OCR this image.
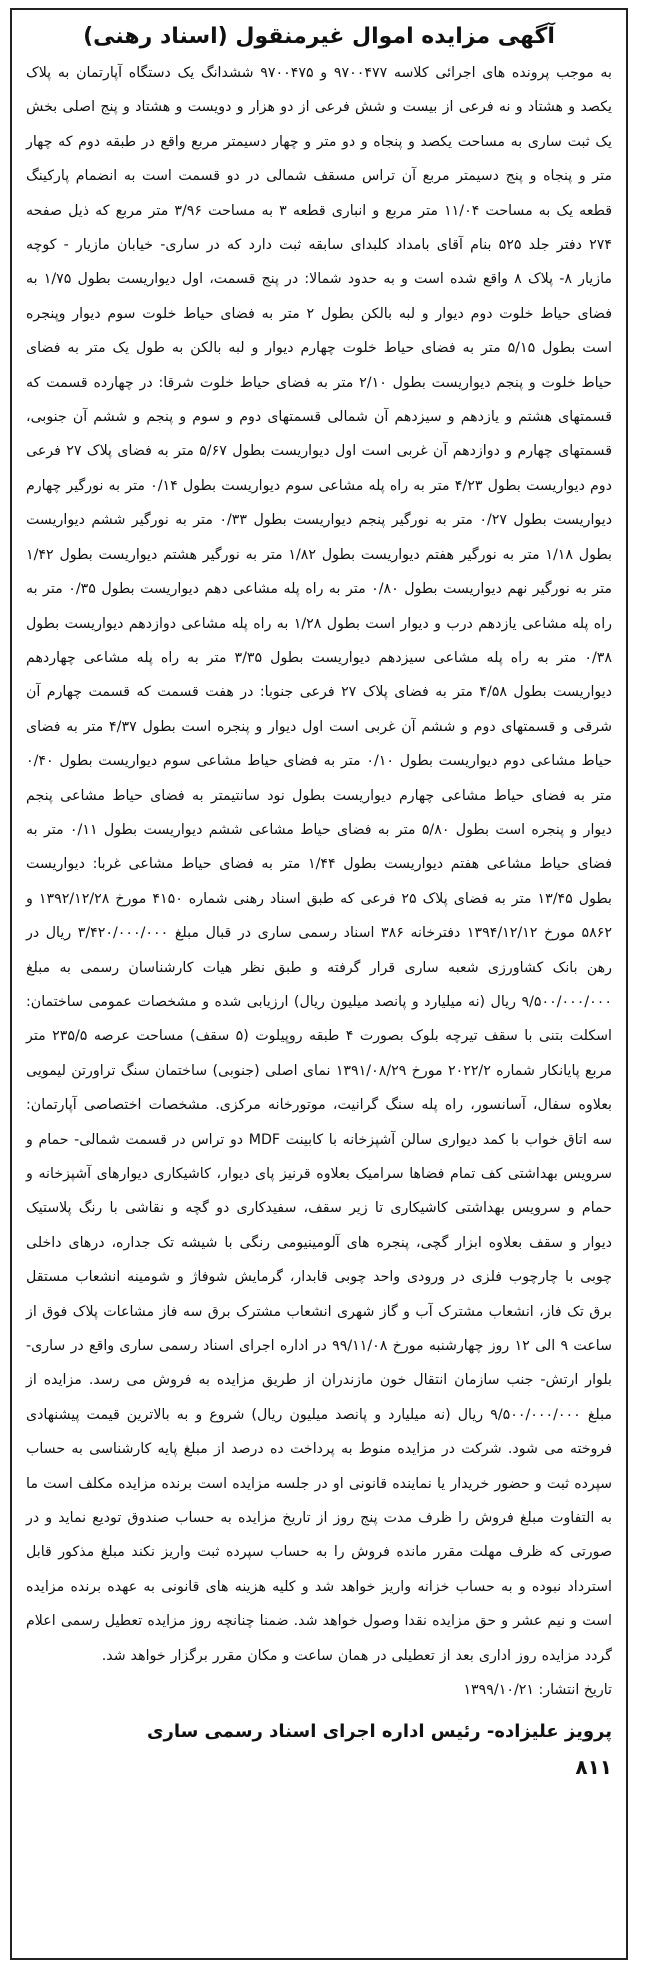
آگهی مزایده اموال غیرمنقول (اسناد رهنی)
به موجب پرونده های اجرائی کلاسه ۹۷۰۰۴۷۷ و ۹۷۰۰۴۷۵ ششدانگ یک دستگاه آپارتمان به پلاک یکصد و هشتاد و نه فرعی از بیست و شش فرعی از دو هزار و دویست و هشتاد و پنج اصلی بخش یک ثبت ساری به مساحت یکصد و پنجاه و دو متر و چهار دسیمتر مربع واقع در طبقه دوم که چهار متر و پنجاه و پنج دسیمتر مربع آن تراس مسقف شمالی در دو قسمت است به انضمام پارکینگ قطعه یک به مساحت ۱۱/۰۴ متر مربع و انباری قطعه ۳ به مساحت ۳/۹۶ متر مربع که ذیل صفحه ۲۷۴ دفتر جلد ۵۲۵ بنام آقای بامداد کلبدای سابقه ثبت دارد که در ساری- خیابان مازیار - کوچه مازیار ۸- پلاک ۸ واقع شده است و به حدود شمالا: در پنج قسمت، اول دیواریست بطول ۱/۷۵ به فضای حیاط خلوت دوم دیوار و لبه بالکن بطول ۲ متر به فضای حیاط خلوت سوم دیوار وپنجره است بطول ۵/۱۵ متر به فضای حیاط خلوت چهارم دیوار و لبه بالکن به طول یک متر به فضای حیاط خلوت و پنجم دیواریست بطول ۲/۱۰ متر به فضای حیاط خلوت شرقا: در چهارده قسمت که قسمتهای هشتم و یازدهم و سیزدهم آن شمالی قسمتهای دوم و سوم و پنجم و ششم آن جنوبی، قسمتهای چهارم و دوازدهم آن غربی است اول دیواریست بطول ۵/۶۷ متر به فضای پلاک ۲۷ فرعی دوم دیواریست بطول ۴/۲۳ متر به راه پله مشاعی سوم دیواریست بطول ۰/۱۴ متر به نورگیر چهارم دیواریست بطول ۰/۲۷ متر به نورگیر پنجم دیواریست بطول ۰/۳۳ متر به نورگیر ششم دیواریست بطول ۱/۱۸ متر به نورگیر هفتم دیواریست بطول ۱/۸۲ متر به نورگیر هشتم دیواریست بطول ۱/۴۲ متر به نورگیر نهم دیواریست بطول ۰/۸۰ متر به راه پله مشاعی دهم دیواریست بطول ۰/۳۵ متر به راه پله مشاعی یازدهم درب و دیوار است بطول ۱/۲۸ به راه پله مشاعی دوازدهم دیواریست بطول ۰/۳۸ متر به راه پله مشاعی سیزدهم دیواریست بطول ۳/۳۵ متر به راه پله مشاعی چهاردهم دیواریست بطول ۴/۵۸ متر به فضای پلاک ۲۷ فرعی جنوبا: در هفت قسمت که قسمت چهارم آن شرقی و قسمتهای دوم و ششم آن غربی است اول دیوار و پنجره است بطول ۴/۳۷ متر به فضای حیاط مشاعی دوم دیواریست بطول ۰/۱۰ متر به فضای حیاط مشاعی سوم دیواریست بطول ۰/۴۰ متر به فضای حیاط مشاعی چهارم دیواریست بطول نود سانتیمتر به فضای حیاط مشاعی پنجم دیوار و پنجره است بطول ۵/۸۰ متر به فضای حیاط مشاعی ششم دیواریست بطول ۰/۱۱ متر به فضای حیاط مشاعی هفتم دیواریست بطول ۱/۴۴ متر به فضای حیاط مشاعی غربا: دیواریست بطول ۱۳/۴۵ متر به فضای پلاک ۲۵ فرعی که طبق اسناد رهنی شماره ۴۱۵۰ مورخ ۱۳۹۲/۱۲/۲۸ و ۵۸۶۲ مورخ ۱۳۹۴/۱۲/۱۲ دفترخانه ۳۸۶ اسناد رسمی ساری در قبال مبلغ ۳/۴۲۰/۰۰۰/۰۰۰ ریال در رهن بانک کشاورزی شعبه ساری قرار گرفته و طبق نظر هیات کارشناسان رسمی به مبلغ ۹/۵۰۰/۰۰۰/۰۰۰ ریال (نه میلیارد و پانصد میلیون ریال) ارزیابی شده و مشخصات عمومی ساختمان: اسکلت بتنی با سقف تیرچه بلوک بصورت ۴ طبقه روپیلوت (۵ سقف) مساحت عرصه ۲۳۵/۵ متر مربع پایانکار شماره ۲۰۲۲/۲ مورخ ۱۳۹۱/۰۸/۲۹ نمای اصلی (جنوبی) ساختمان سنگ تراورتن لیمویی بعلاوه سفال، آسانسور، راه پله سنگ گرانیت، موتورخانه مرکزی. مشخصات اختصاصی آپارتمان: سه اتاق خواب با کمد دیواری سالن آشپزخانه با کابینت MDF دو تراس در قسمت شمالی- حمام و سرویس بهداشتی کف تمام فضاها سرامیک بعلاوه قرنیز پای دیوار، کاشیکاری دیوارهای آشپزخانه و حمام و سرویس بهداشتی کاشیکاری تا زیر سقف، سفیدکاری دو گچه و نقاشی با رنگ پلاستیک دیوار و سقف بعلاوه ابزار گچی، پنجره های آلومینیومی رنگی با شیشه تک جداره، درهای داخلی چوبی با چارچوب فلزی در ورودی واحد چوبی قابدار، گرمایش شوفاژ و شومینه انشعاب مستقل برق تک فاز، انشعاب مشترک آب و گاز شهری انشعاب مشترک برق سه فاز مشاعات پلاک فوق از ساعت ۹ الی ۱۲ روز چهارشنبه مورخ ۹۹/۱۱/۰۸ در اداره اجرای اسناد رسمی ساری واقع در ساری- بلوار ارتش- جنب سازمان انتقال خون مازندران از طریق مزایده به فروش می رسد. مزایده از مبلغ ۹/۵۰۰/۰۰۰/۰۰۰ ریال (نه میلیارد و پانصد میلیون ریال) شروع و به بالاترین قیمت پیشنهادی فروخته می شود. شرکت در مزایده منوط به پرداخت ده درصد از مبلغ پایه کارشناسی به حساب سپرده ثبت و حضور خریدار یا نماینده قانونی او در جلسه مزایده است برنده مزایده مکلف است ما به التفاوت مبلغ فروش را ظرف مدت پنج روز از تاریخ مزایده به حساب صندوق تودیع نماید و در صورتی که ظرف مهلت مقرر مانده فروش را به حساب سپرده ثبت واریز نکند مبلغ مذکور قابل استرداد نبوده و به حساب خزانه واریز خواهد شد و کلیه هزینه های قانونی به عهده برنده مزایده است و نیم عشر و حق مزایده نقدا وصول خواهد شد. ضمنا چنانچه روز مزایده تعطیل رسمی اعلام گردد مزایده روز اداری بعد از تعطیلی در همان ساعت و مکان مقرر برگزار خواهد شد.
تاریخ انتشار: ۱۳۹۹/۱۰/۲۱
پرویز علیزاده- رئیس اداره اجرای اسناد رسمی ساری
۸۱۱
